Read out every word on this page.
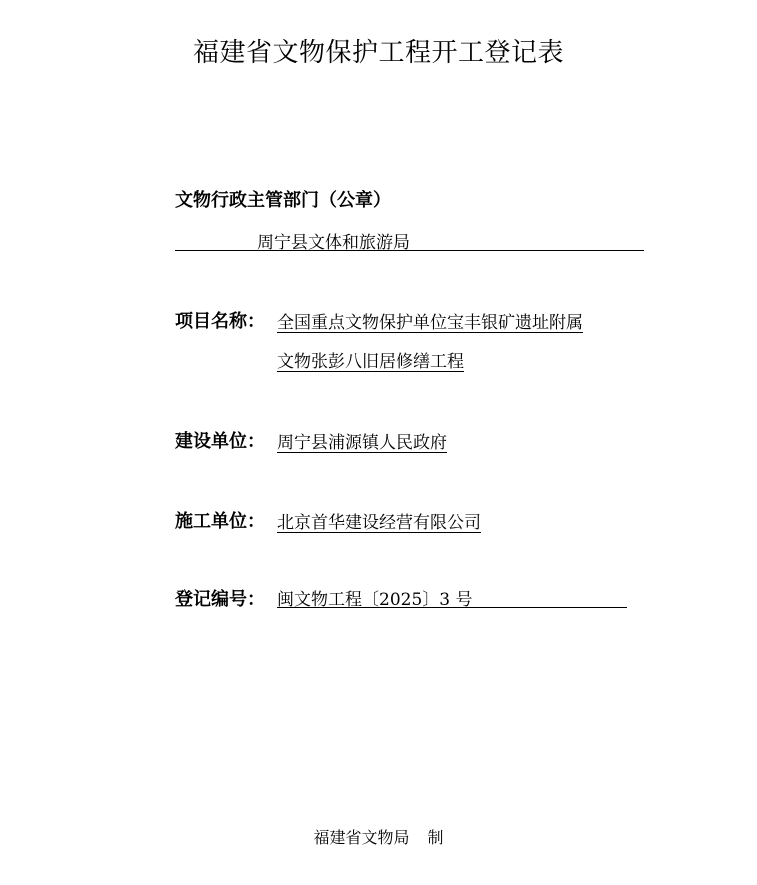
福建省文物保护工程开工登记表
文物行政主管部门（公章）
周宁县文体和旅游局
项目名称： 全国重点文物保护单位宝丰银矿遗址附属
文物张彭八旧居修缮工程
建设单位： 周宁县浦源镇人民政府
施工单位： 北京首华建设经营有限公司
登记编号： 闽文物工程〔2025〕3 号
福建省文物局 制
